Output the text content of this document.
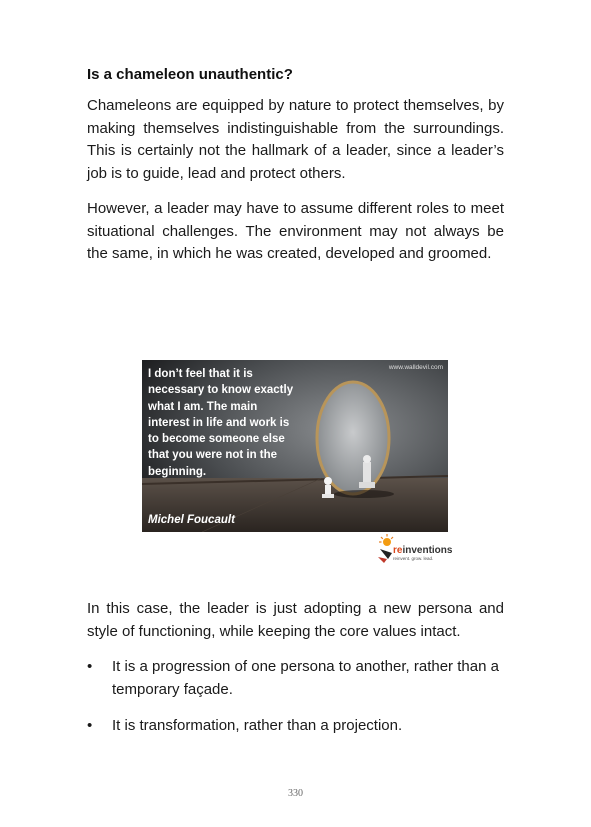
Is a chameleon unauthentic?

Chameleons are equipped by nature to protect themselves, by making themselves indistinguishable from the surroundings. This is certainly not the hallmark of a leader, since a leader’s job is to guide, lead and protect others.

However, a leader may have to assume different roles to meet situational challenges. The environment may not always be the same, in which he was created, developed and groomed.

I don’t feel that it is necessary to know exactly what I am. The main interest in life and work is to become someone else that you were not in the beginning.
Michel Foucault
www.walldevil.com
reinventions
reinvent. grow. lead.

In this case, the leader is just adopting a new persona and style of functioning, while keeping the core values intact.

• It is a progression of one persona to another, rather than a temporary façade.
• It is transformation, rather than a projection.
330
